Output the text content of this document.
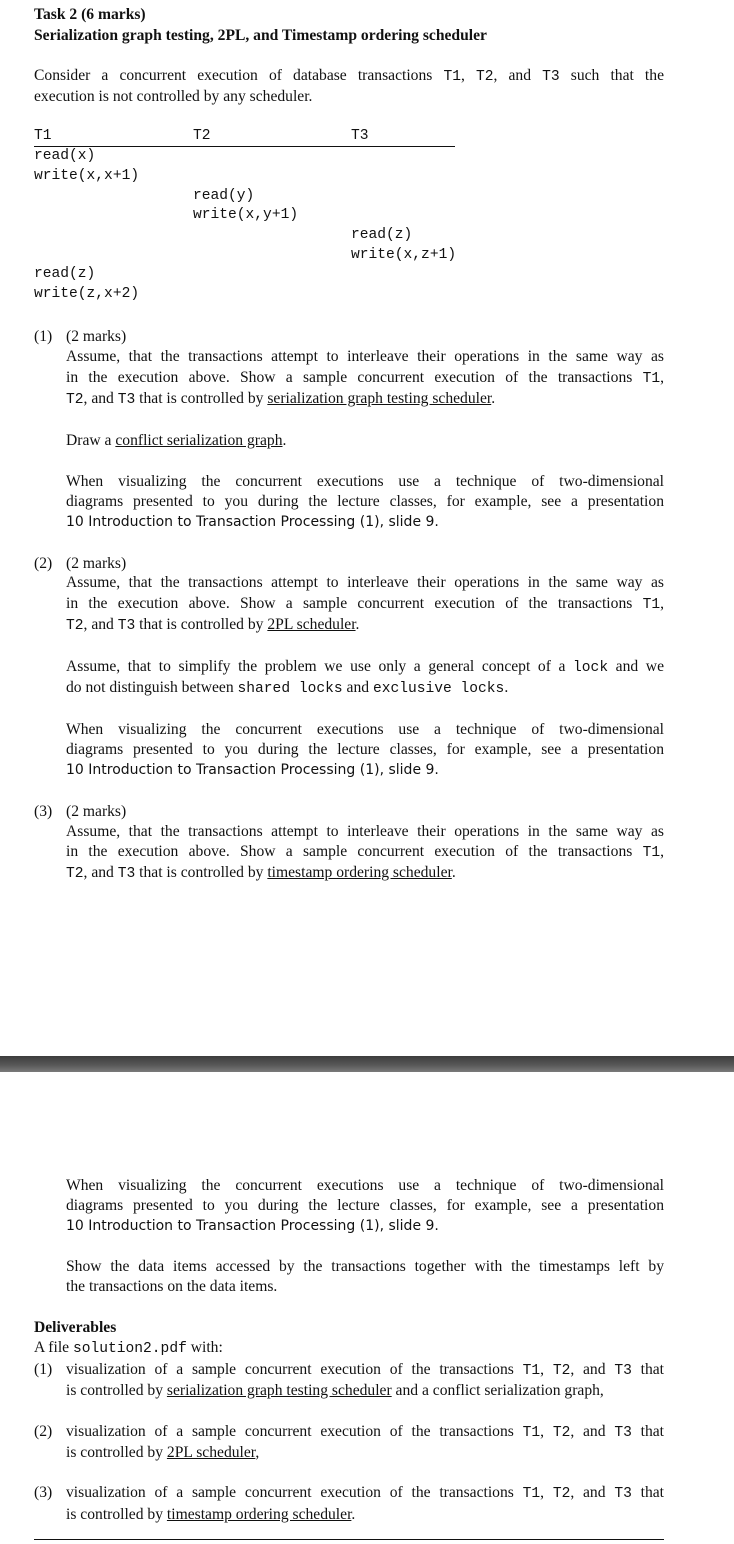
Task 2 (6 marks)
Serialization graph testing, 2PL, and Timestamp ordering scheduler
Consider a concurrent execution of database transactions T1, T2, and T3 such that the
execution is not controlled by any scheduler.
T1	T2	T3
read(x)
write(x,x+1)
read(y)
write(x,y+1)
read(z)
write(x,z+1)
read(z)
write(z,x+2)
(1) (2 marks)
Assume, that the transactions attempt to interleave their operations in the same way as
in the execution above. Show a sample concurrent execution of the transactions T1,
T2, and T3 that is controlled by serialization graph testing scheduler.
Draw a conflict serialization graph.
When visualizing the concurrent executions use a technique of two-dimensional
diagrams presented to you during the lecture classes, for example, see a presentation
10 Introduction to Transaction Processing (1), slide 9.
(2) (2 marks)
Assume, that the transactions attempt to interleave their operations in the same way as
in the execution above. Show a sample concurrent execution of the transactions T1,
T2, and T3 that is controlled by 2PL scheduler.
Assume, that to simplify the problem we use only a general concept of a lock and we
do not distinguish between shared locks and exclusive locks.
When visualizing the concurrent executions use a technique of two-dimensional
diagrams presented to you during the lecture classes, for example, see a presentation
10 Introduction to Transaction Processing (1), slide 9.
(3) (2 marks)
Assume, that the transactions attempt to interleave their operations in the same way as
in the execution above. Show a sample concurrent execution of the transactions T1,
T2, and T3 that is controlled by timestamp ordering scheduler.
When visualizing the concurrent executions use a technique of two-dimensional
diagrams presented to you during the lecture classes, for example, see a presentation
10 Introduction to Transaction Processing (1), slide 9.
Show the data items accessed by the transactions together with the timestamps left by
the transactions on the data items.
Deliverables
A file solution2.pdf with:
(1) visualization of a sample concurrent execution of the transactions T1, T2, and T3 that
is controlled by serialization graph testing scheduler and a conflict serialization graph,
(2) visualization of a sample concurrent execution of the transactions T1, T2, and T3 that
is controlled by 2PL scheduler,
(3) visualization of a sample concurrent execution of the transactions T1, T2, and T3 that
is controlled by timestamp ordering scheduler.
